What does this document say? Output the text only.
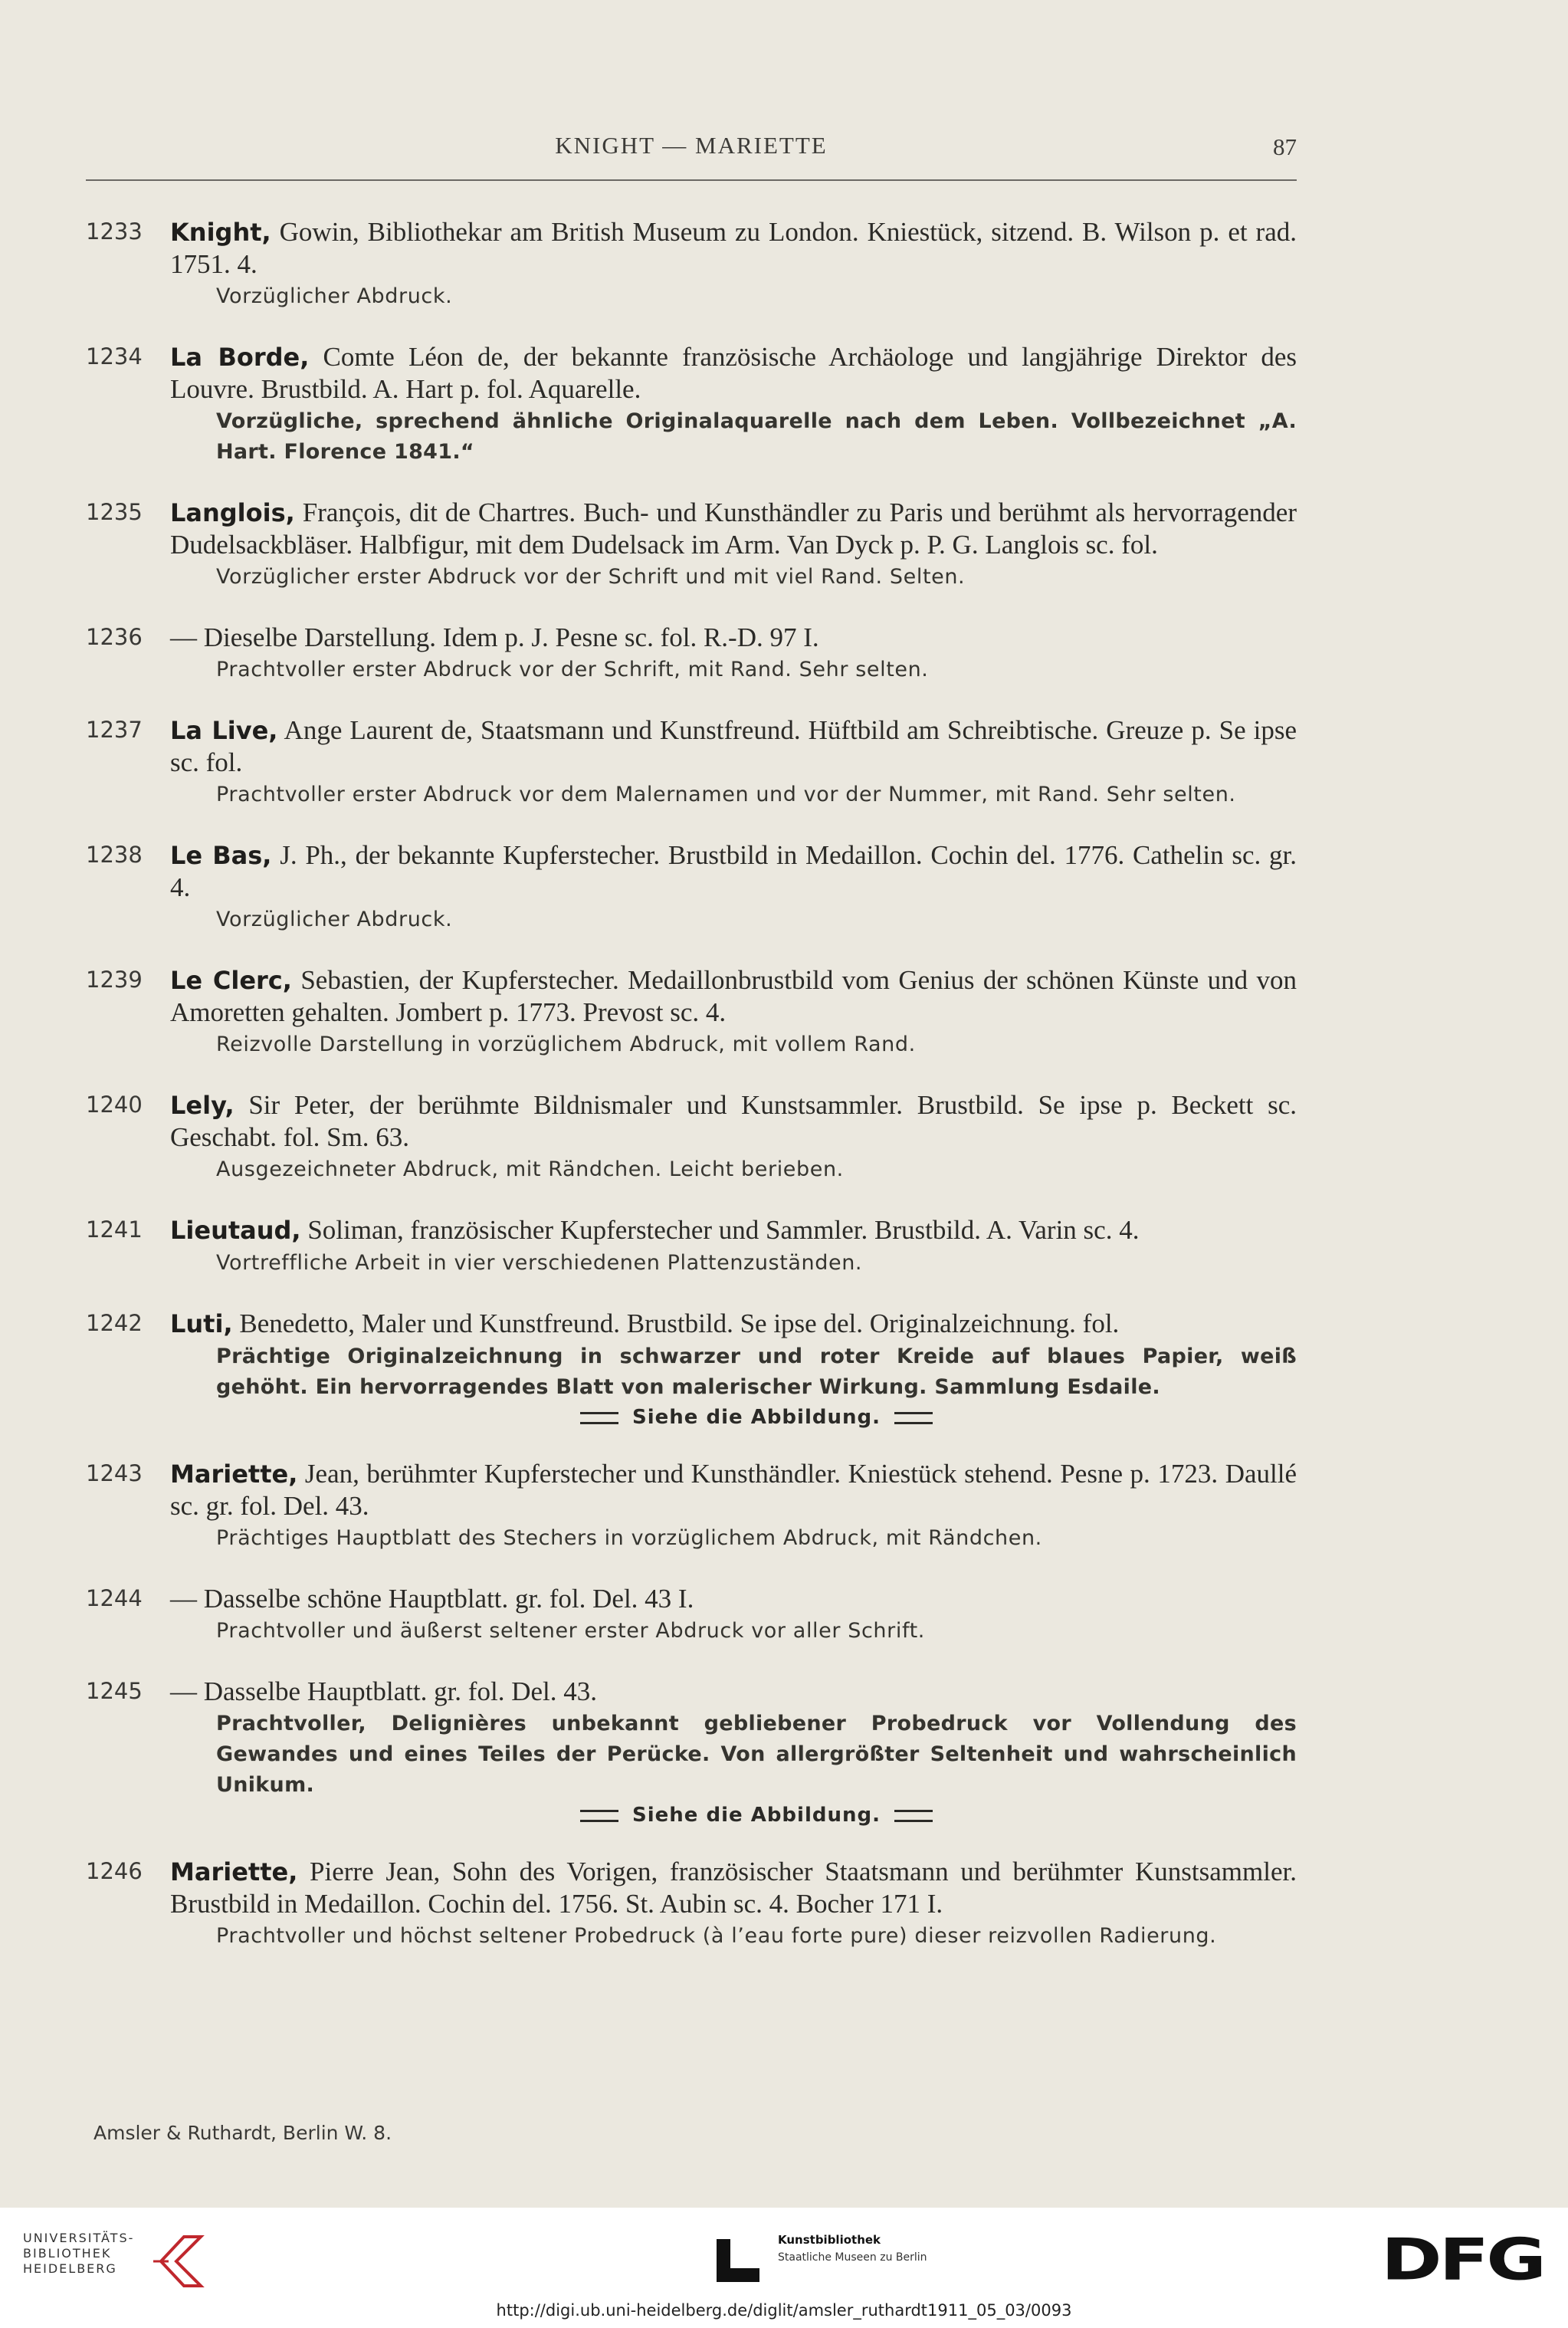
KNIGHT — MARIETTE	87
1233 Knight, Gowin, Bibliothekar am British Museum zu London. Kniestück, sitzend. B. Wilson p. et rad. 1751. 4.

Vorzüglicher Abdruck.
1234 La Borde, Comte Léon de, der bekannte französische Archäologe und langjährige Direktor des Louvre. Brustbild. A. Hart p. fol. Aquarelle.

Vorzügliche, sprechend ähnliche Originalaquarelle nach dem Leben. Vollbezeichnet „A. Hart. Florence 1841.“
1235 Langlois, François, dit de Chartres. Buch- und Kunsthändler zu Paris und berühmt als hervorragender Dudelsackbläser. Halbfigur, mit dem Dudelsack im Arm. Van Dyck p. P. G. Langlois sc. fol.

Vorzüglicher erster Abdruck vor der Schrift und mit viel Rand. Selten.
1236 — Dieselbe Darstellung. Idem p. J. Pesne sc. fol. R.-D. 97 I.

Prachtvoller erster Abdruck vor der Schrift, mit Rand. Sehr selten.
1237 La Live, Ange Laurent de, Staatsmann und Kunstfreund. Hüftbild am Schreibtische. Greuze p. Se ipse sc. fol.

Prachtvoller erster Abdruck vor dem Malernamen und vor der Nummer, mit Rand. Sehr selten.
1238 Le Bas, J. Ph., der bekannte Kupferstecher. Brustbild in Medaillon. Cochin del. 1776. Cathelin sc. gr. 4.

Vorzüglicher Abdruck.
1239 Le Clerc, Sebastien, der Kupferstecher. Medaillonbrustbild vom Genius der schönen Künste und von Amoretten gehalten. Jombert p. 1773. Prevost sc. 4.

Reizvolle Darstellung in vorzüglichem Abdruck, mit vollem Rand.
1240 Lely, Sir Peter, der berühmte Bildnismaler und Kunstsammler. Brustbild. Se ipse p. Beckett sc. Geschabt. fol. Sm. 63.

Ausgezeichneter Abdruck, mit Rändchen. Leicht berieben.
1241 Lieutaud, Soliman, französischer Kupferstecher und Sammler. Brustbild. A. Varin sc. 4.

Vortreffliche Arbeit in vier verschiedenen Plattenzuständen.
1242 Luti, Benedetto, Maler und Kunstfreund. Brustbild. Se ipse del. Originalzeichnung. fol.

Prächtige Originalzeichnung in schwarzer und roter Kreide auf blaues Papier, weiß gehöht. Ein hervorragendes Blatt von malerischer Wirkung. Sammlung Esdaile.
Siehe die Abbildung.
1243 Mariette, Jean, berühmter Kupferstecher und Kunsthändler. Kniestück stehend. Pesne p. 1723. Daullé sc. gr. fol. Del. 43.

Prächtiges Hauptblatt des Stechers in vorzüglichem Abdruck, mit Rändchen.
1244 — Dasselbe schöne Hauptblatt. gr. fol. Del. 43 I.

Prachtvoller und äußerst seltener erster Abdruck vor aller Schrift.
1245 — Dasselbe Hauptblatt. gr. fol. Del. 43.

Prachtvoller, Delignières unbekannt gebliebener Probedruck vor Vollendung des Gewandes und eines Teiles der Perücke. Von allergrößter Seltenheit und wahrscheinlich Unikum.
Siehe die Abbildung.
1246 Mariette, Pierre Jean, Sohn des Vorigen, französischer Staatsmann und berühmter Kunstsammler. Brustbild in Medaillon. Cochin del. 1756. St. Aubin sc. 4. Bocher 171 I.

Prachtvoller und höchst seltener Probedruck (à l’eau forte pure) dieser reizvollen Radierung.
Amsler & Ruthardt, Berlin W. 8.
UNIVERSITÄTS-
BIBLIOTHEK
HEIDELBERG
Kunstbibliothek
Staatliche Museen zu Berlin	DFG
http://digi.ub.uni-heidelberg.de/diglit/amsler_ruthardt1911_05_03/0093
